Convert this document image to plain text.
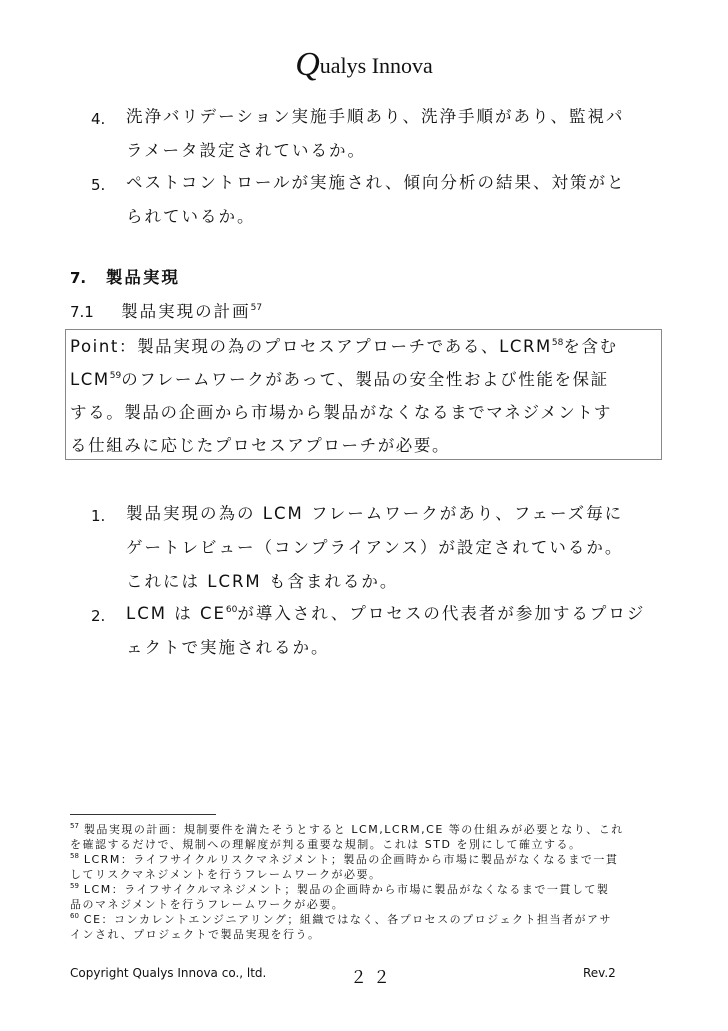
Qualys Innova
4. 洗浄バリデーション実施手順あり、洗浄手順があり、監視パ
ラメータ設定されているか。
5. ペストコントロールが実施され、傾向分析の結果、対策がと
られているか。
7. 製品実現
7.1 製品実現の計画$^{57}$
Point：製品実現の為のプロセスアプローチである、LCRM$^{58}$を含む
LCM$^{59}$のフレームワークがあって、製品の安全性および性能を保証
する。製品の企画から市場から製品がなくなるまでマネジメントす
る仕組みに応じたプロセスアプローチが必要。
1. 製品実現の為の LCM フレームワークがあり、フェーズ毎に
ゲートレビュー（コンプライアンス）が設定されているか。
これには LCRM も含まれるか。
2. LCM は CE$^{60}$が導入され、プロセスの代表者が参加するプロジ
ェクトで実施されるか。
$^{57}$ 製品実現の計画：規制要件を満たそうとすると LCM,LCRM,CE 等の仕組みが必要となり、これ
を確認するだけで、規制への理解度が判る重要な規制。これは STD を別にして確立する。
$^{58}$ LCRM：ライフサイクルリスクマネジメント；製品の企画時から市場に製品がなくなるまで一貫
してリスクマネジメントを行うフレームワークが必要。
$^{59}$ LCM：ライフサイクルマネジメント；製品の企画時から市場に製品がなくなるまで一貫して製
品のマネジメントを行うフレームワークが必要。
$^{60}$ CE：コンカレントエンジニアリング；組織ではなく、各プロセスのプロジェクト担当者がアサ
インされ、プロジェクトで製品実現を行う。
Copyright Qualys Innova co., ltd.	２２	Rev.2
